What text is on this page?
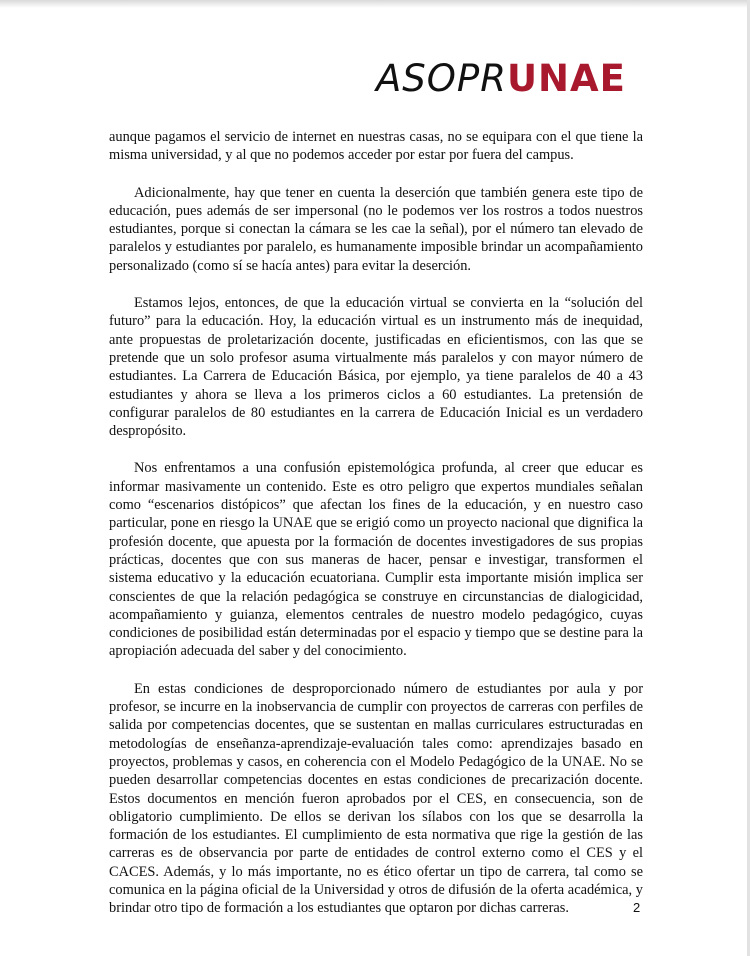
ASOPRUNAE

aunque pagamos el servicio de internet en nuestras casas, no se equipara con el que tiene la misma universidad, y al que no podemos acceder por estar por fuera del campus.

Adicionalmente, hay que tener en cuenta la deserción que también genera este tipo de educación, pues además de ser impersonal (no le podemos ver los rostros a todos nuestros estudiantes, porque si conectan la cámara se les cae la señal), por el número tan elevado de paralelos y estudiantes por paralelo, es humanamente imposible brindar un acompañamiento personalizado (como sí se hacía antes) para evitar la deserción.

Estamos lejos, entonces, de que la educación virtual se convierta en la “solución del futuro” para la educación. Hoy, la educación virtual es un instrumento más de inequidad, ante propuestas de proletarización docente, justificadas en eficientismos, con las que se pretende que un solo profesor asuma virtualmente más paralelos y con mayor número de estudiantes. La Carrera de Educación Básica, por ejemplo, ya tiene paralelos de 40 a 43 estudiantes y ahora se lleva a los primeros ciclos a 60 estudiantes. La pretensión de configurar paralelos de 80 estudiantes en la carrera de Educación Inicial es un verdadero despropósito.

Nos enfrentamos a una confusión epistemológica profunda, al creer que educar es informar masivamente un contenido. Este es otro peligro que expertos mundiales señalan como “escenarios distópicos” que afectan los fines de la educación, y en nuestro caso particular, pone en riesgo la UNAE que se erigió como un proyecto nacional que dignifica la profesión docente, que apuesta por la formación de docentes investigadores de sus propias prácticas, docentes que con sus maneras de hacer, pensar e investigar, transformen el sistema educativo y la educación ecuatoriana. Cumplir esta importante misión implica ser conscientes de que la relación pedagógica se construye en circunstancias de dialogicidad, acompañamiento y guianza, elementos centrales de nuestro modelo pedagógico, cuyas condiciones de posibilidad están determinadas por el espacio y tiempo que se destine para la apropiación adecuada del saber y del conocimiento.

En estas condiciones de desproporcionado número de estudiantes por aula y por profesor, se incurre en la inobservancia de cumplir con proyectos de carreras con perfiles de salida por competencias docentes, que se sustentan en mallas curriculares estructuradas en metodologías de enseñanza-aprendizaje-evaluación tales como: aprendizajes basado en proyectos, problemas y casos, en coherencia con el Modelo Pedagógico de la UNAE. No se pueden desarrollar competencias docentes en estas condiciones de precarización docente. Estos documentos en mención fueron aprobados por el CES, en consecuencia, son de obligatorio cumplimiento. De ellos se derivan los sílabos con los que se desarrolla la formación de los estudiantes. El cumplimiento de esta normativa que rige la gestión de las carreras es de observancia por parte de entidades de control externo como el CES y el CACES. Además, y lo más importante, no es ético ofertar un tipo de carrera, tal como se comunica en la página oficial de la Universidad y otros de difusión de la oferta académica, y brindar otro tipo de formación a los estudiantes que optaron por dichas carreras.	2
